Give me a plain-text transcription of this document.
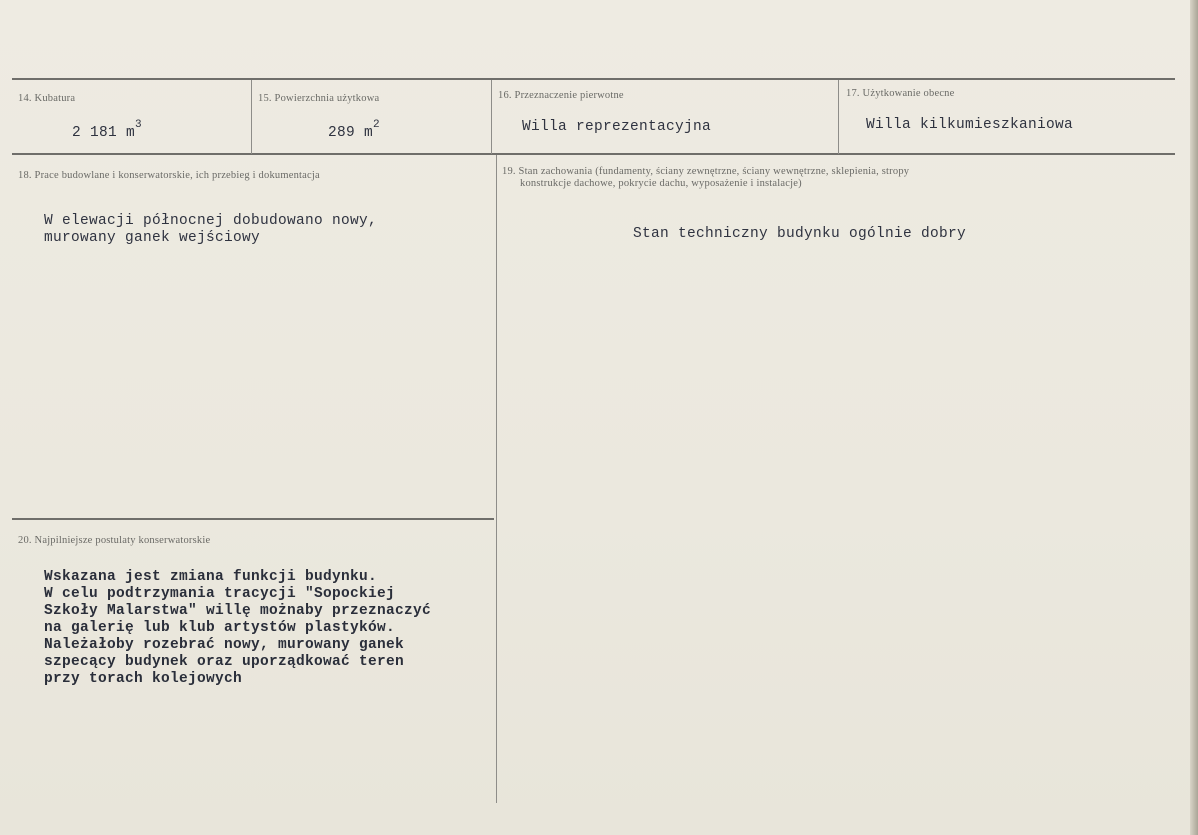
14. Kubatura
2 181 $m^3$
15. Powierzchnia użytkowa
289 $m^2$
16. Przeznaczenie pierwotne
Willa reprezentacyjna
17. Użytkowanie obecne
Willa kilkumieszkaniowa
18. Prace budowlane i konserwatorskie, ich przebieg i dokumentacja
W elewacji północnej dobudowano nowy,
murowany ganek wejściowy
19. Stan zachowania (fundamenty, ściany zewnętrzne, ściany wewnętrzne, sklepienia, stropy
konstrukcje dachowe, pokrycie dachu, wyposażenie i instalacje)
Stan techniczny budynku ogólnie dobry
20. Najpilniejsze postulaty konserwatorskie
Wskazana jest zmiana funkcji budynku.
W celu podtrzymania tracycji "Sopockiej
Szkoły Malarstwa" willę możnaby przeznaczyć
na galerię lub klub artystów plastyków.
Należałoby rozebrać nowy, murowany ganek
szpecący budynek oraz uporządkować teren
przy torach kolejowych
